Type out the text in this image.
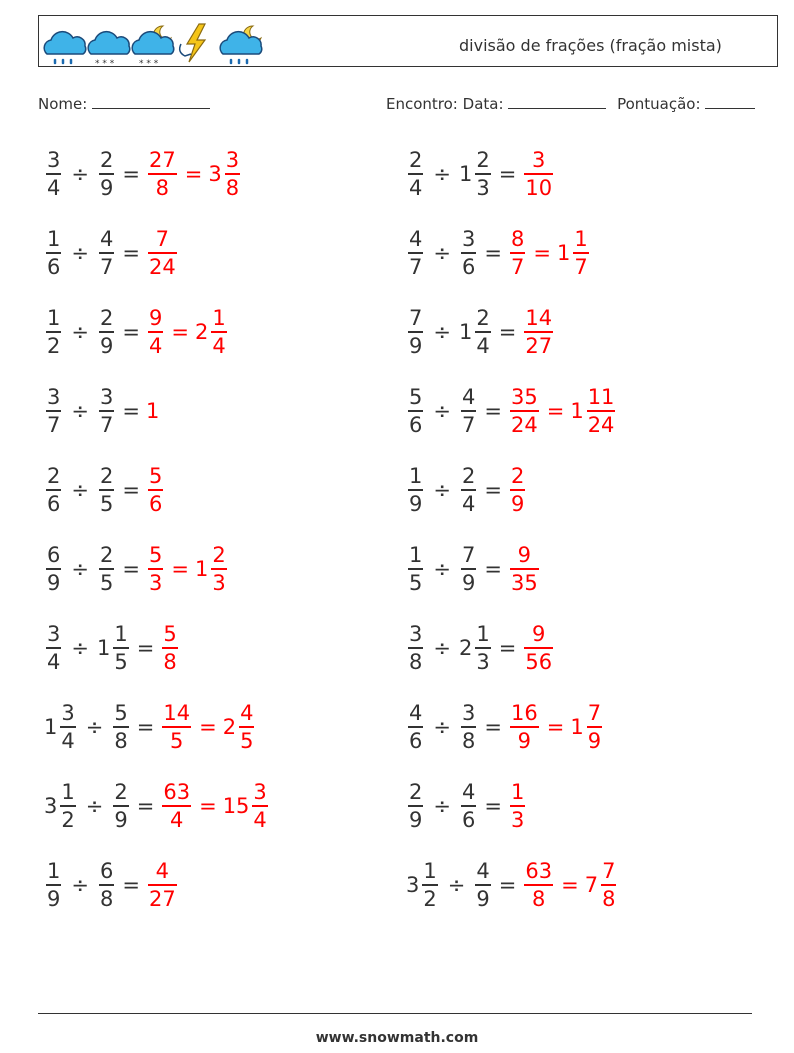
* * *	* * *
divisão de frações (fração mista)
Nome:	Encontro: Data:	Pontuação:
$\frac{3}{4} \div \frac{2}{9} = \frac{27}{8} = 3 \frac{3}{8}$	$\frac{2}{4} \div 1 \frac{2}{3} = \frac{3}{10}$
$\frac{1}{6} \div \frac{4}{7} = \frac{7}{24}$	$\frac{4}{7} \div \frac{3}{6} = \frac{8}{7} = 1 \frac{1}{7}$
$\frac{1}{2} \div \frac{2}{9} = \frac{9}{4} = 2 \frac{1}{4}$	$\frac{7}{9} \div 1 \frac{2}{4} = \frac{14}{27}$
$\frac{3}{7} \div \frac{3}{7} = 1$	$\frac{5}{6} \div \frac{4}{7} = \frac{35}{24} = 1 \frac{11}{24}$
$\frac{2}{6} \div \frac{2}{5} = \frac{5}{6}$	$\frac{1}{9} \div \frac{2}{4} = \frac{2}{9}$
$\frac{6}{9} \div \frac{2}{5} = \frac{5}{3} = 1 \frac{2}{3}$	$\frac{1}{5} \div \frac{7}{9} = \frac{9}{35}$
$\frac{3}{4} \div 1 \frac{1}{5} = \frac{5}{8}$	$\frac{3}{8} \div 2 \frac{1}{3} = \frac{9}{56}$
$1 \frac{3}{4} \div \frac{5}{8} = \frac{14}{5} = 2 \frac{4}{5}$	$\frac{4}{6} \div \frac{3}{8} = \frac{16}{9} = 1 \frac{7}{9}$
$3 \frac{1}{2} \div \frac{2}{9} = \frac{63}{4} = 15 \frac{3}{4}$	$\frac{2}{9} \div \frac{4}{6} = \frac{1}{3}$
$\frac{1}{9} \div \frac{6}{8} = \frac{4}{27}$	$3 \frac{1}{2} \div \frac{4}{9} = \frac{63}{8} = 7 \frac{7}{8}$
www.snowmath.com
